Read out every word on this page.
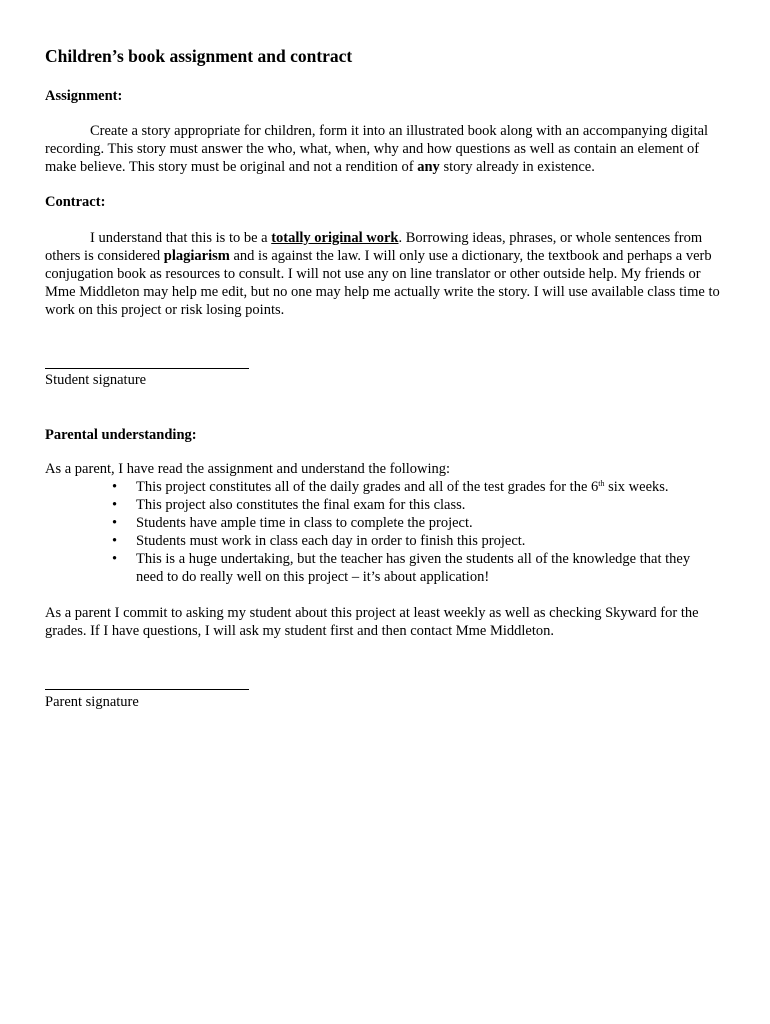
Children’s book assignment and contract

Assignment:

Create a story appropriate for children, form it into an illustrated book along with an accompanying digital recording. This story must answer the who, what, when, why and how questions as well as contain an element of make believe. This story must be original and not a rendition of any story already in existence.

Contract:

I understand that this is to be a totally original work. Borrowing ideas, phrases, or whole sentences from others is considered plagiarism and is against the law. I will only use a dictionary, the textbook and perhaps a verb conjugation book as resources to consult. I will not use any on line translator or other outside help. My friends or Mme Middleton may help me edit, but no one may help me actually write the story. I will use available class time to work on this project or risk losing points.

Student signature

Parental understanding:

As a parent, I have read the assignment and understand the following:

• This project constitutes all of the daily grades and all of the test grades for the 6th six weeks.
• This project also constitutes the final exam for this class.
• Students have ample time in class to complete the project.
• Students must work in class each day in order to finish this project.
• This is a huge undertaking, but the teacher has given the students all of the knowledge that they need to do really well on this project – it’s about application!

As a parent I commit to asking my student about this project at least weekly as well as checking Skyward for the grades. If I have questions, I will ask my student first and then contact Mme Middleton.

Parent signature
